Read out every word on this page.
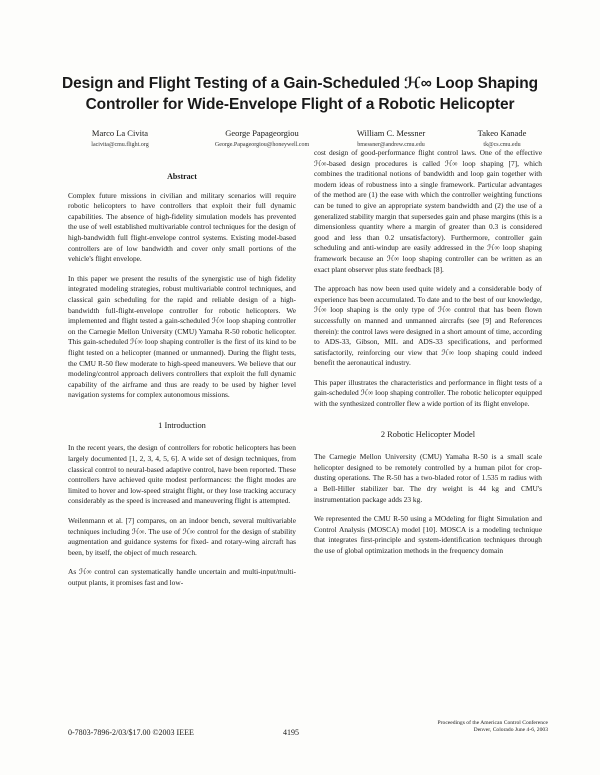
Design and Flight Testing of a Gain-Scheduled ℋ∞ Loop Shaping Controller for Wide-Envelope Flight of a Robotic Helicopter
Marco La Civita
lacivita@cmu.flight.org
George Papageorgiou
George.Papageorgiou@honeywell.com
William C. Messner
bmessner@andrew.cmu.edu
Takeo Kanade
tk@cs.cmu.edu
Abstract

Complex future missions in civilian and military scenarios will require robotic helicopters to have controllers that exploit their full dynamic capabilities. The absence of high-fidelity simulation models has prevented the use of well established multivariable control techniques for the design of high-bandwidth full flight-envelope control systems. Existing model-based controllers are of low bandwidth and cover only small portions of the vehicle's flight envelope.

In this paper we present the results of the synergistic use of high fidelity integrated modeling strategies, robust multivariable control techniques, and classical gain scheduling for the rapid and reliable design of a high-bandwidth full-flight-envelope controller for robotic helicopters. We implemented and flight tested a gain-scheduled ℋ∞ loop shaping controller on the Carnegie Mellon University (CMU) Yamaha R-50 robotic helicopter. This gain-scheduled ℋ∞ loop shaping controller is the first of its kind to be flight tested on a helicopter (manned or unmanned). During the flight tests, the CMU R-50 flew moderate to high-speed maneuvers. We believe that our modeling/control approach delivers controllers that exploit the full dynamic capability of the airframe and thus are ready to be used by higher level navigation systems for complex autonomous missions.

1 Introduction

In the recent years, the design of controllers for robotic helicopters has been largely documented [1, 2, 3, 4, 5, 6]. A wide set of design techniques, from classical control to neural-based adaptive control, have been reported. These controllers have achieved quite modest performances: the flight modes are limited to hover and low-speed straight flight, or they lose tracking accuracy considerably as the speed is increased and maneuvering flight is attempted.

Weilenmann et al. [7] compares, on an indoor bench, several multivariable techniques including ℋ∞. The use of ℋ∞ control for the design of stability augmentation and guidance systems for fixed- and rotary-wing aircraft has been, by itself, the object of much research.

As ℋ∞ control can systematically handle uncertain and multi-input/multi-output plants, it promises fast and low-

cost design of good-performance flight control laws. One of the effective ℋ∞-based design procedures is called ℋ∞ loop shaping [7], which combines the traditional notions of bandwidth and loop gain together with modern ideas of robustness into a single framework. Particular advantages of the method are (1) the ease with which the controller weighting functions can be tuned to give an appropriate system bandwidth and (2) the use of a generalized stability margin that supersedes gain and phase margins (this is a dimensionless quantity where a margin of greater than 0.3 is considered good and less than 0.2 unsatisfactory). Furthermore, controller gain scheduling and anti-windup are easily addressed in the ℋ∞ loop shaping framework because an ℋ∞ loop shaping controller can be written as an exact plant observer plus state feedback [8].

The approach has now been used quite widely and a considerable body of experience has been accumulated. To date and to the best of our knowledge, ℋ∞ loop shaping is the only type of ℋ∞ control that has been flown successfully on manned and unmanned aircrafts (see [9] and References therein): the control laws were designed in a short amount of time, according to ADS-33, Gibson, MIL and ADS-33 specifications, and performed satisfactorily, reinforcing our view that ℋ∞ loop shaping could indeed benefit the aeronautical industry.

This paper illustrates the characteristics and performance in flight tests of a gain-scheduled ℋ∞ loop shaping controller. The robotic helicopter equipped with the synthesized controller flew a wide portion of its flight envelope.

2 Robotic Helicopter Model

The Carnegie Mellon University (CMU) Yamaha R-50 is a small scale helicopter designed to be remotely controlled by a human pilot for crop-dusting operations. The R-50 has a two-bladed rotor of 1.535 m radius with a Bell-Hiller stabilizer bar. The dry weight is 44 kg and CMU's instrumentation package adds 23 kg.

We represented the CMU R-50 using a MOdeling for flight Simulation and Control Analysis (MOSCA) model [10]. MOSCA is a modeling technique that integrates first-principle and system-identification techniques through the use of global optimization methods in the frequency domain

0-7803-7896-2/03/$17.00 ©2003 IEEE	4195
Proceedings of the American Control Conference
Denver, Colorado June 4-6, 2003
